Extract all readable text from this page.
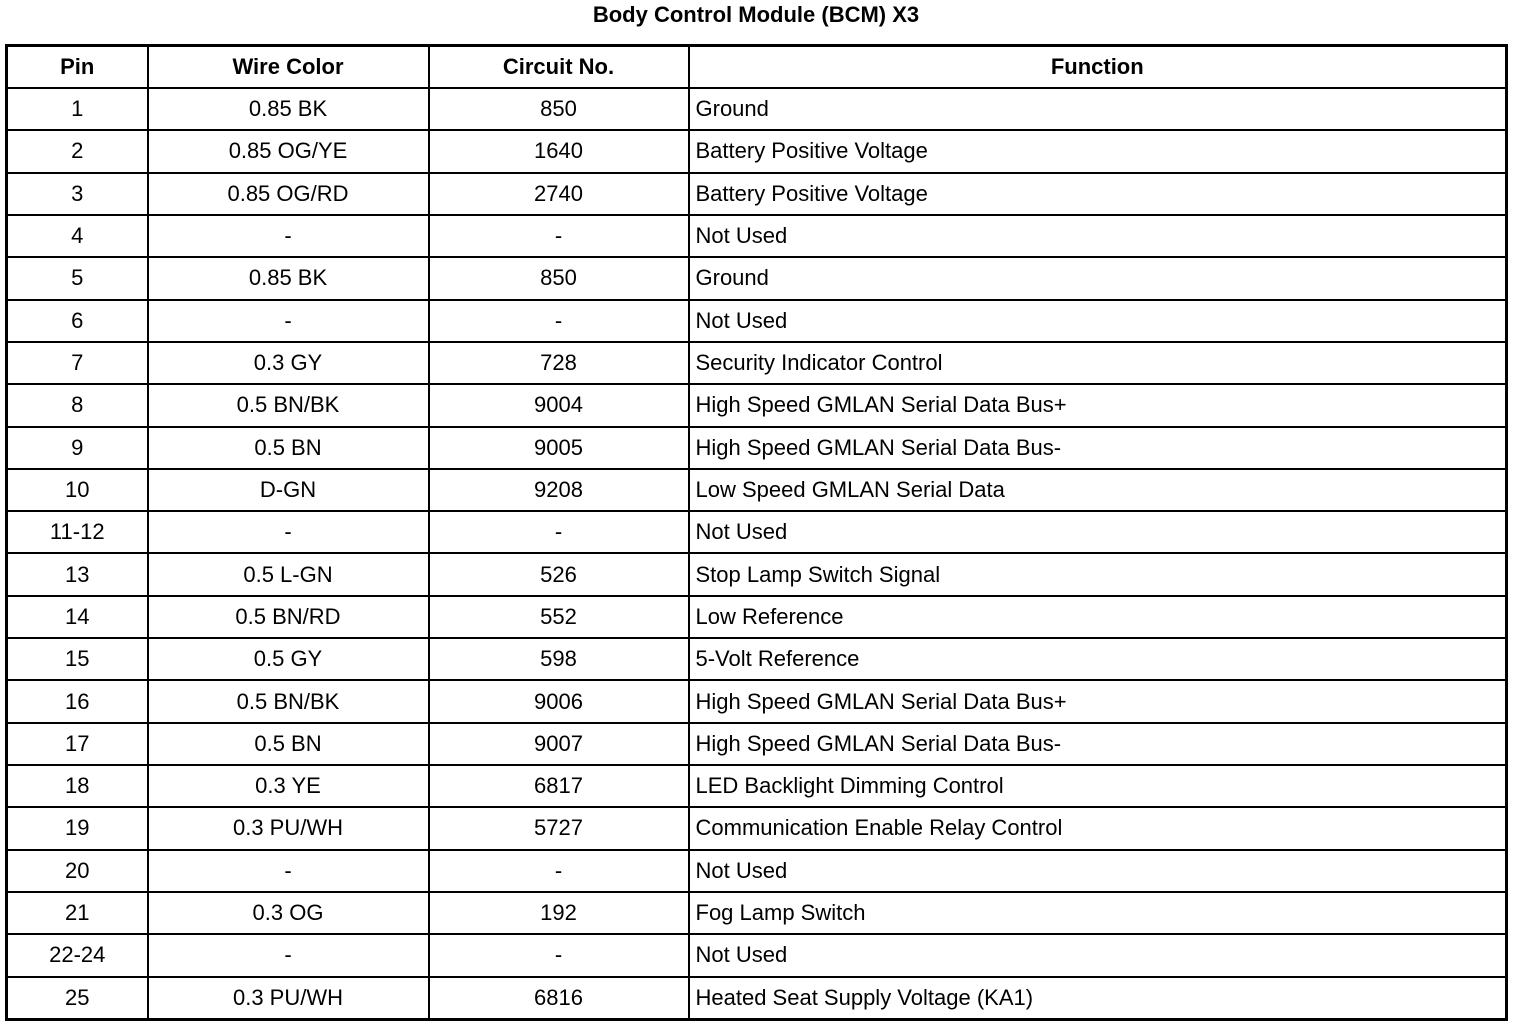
Body Control Module (BCM) X3
Pin	Wire Color	Circuit No.	Function
1	0.85 BK	850	Ground
2	0.85 OG/YE	1640	Battery Positive Voltage
3	0.85 OG/RD	2740	Battery Positive Voltage
4	-	-	Not Used
5	0.85 BK	850	Ground
6	-	-	Not Used
7	0.3 GY	728	Security Indicator Control
8	0.5 BN/BK	9004	High Speed GMLAN Serial Data Bus+
9	0.5 BN	9005	High Speed GMLAN Serial Data Bus-
10	D-GN	9208	Low Speed GMLAN Serial Data
11-12	-	-	Not Used
13	0.5 L-GN	526	Stop Lamp Switch Signal
14	0.5 BN/RD	552	Low Reference
15	0.5 GY	598	5-Volt Reference
16	0.5 BN/BK	9006	High Speed GMLAN Serial Data Bus+
17	0.5 BN	9007	High Speed GMLAN Serial Data Bus-
18	0.3 YE	6817	LED Backlight Dimming Control
19	0.3 PU/WH	5727	Communication Enable Relay Control
20	-	-	Not Used
21	0.3 OG	192	Fog Lamp Switch
22-24	-	-	Not Used
25	0.3 PU/WH	6816	Heated Seat Supply Voltage (KA1)
